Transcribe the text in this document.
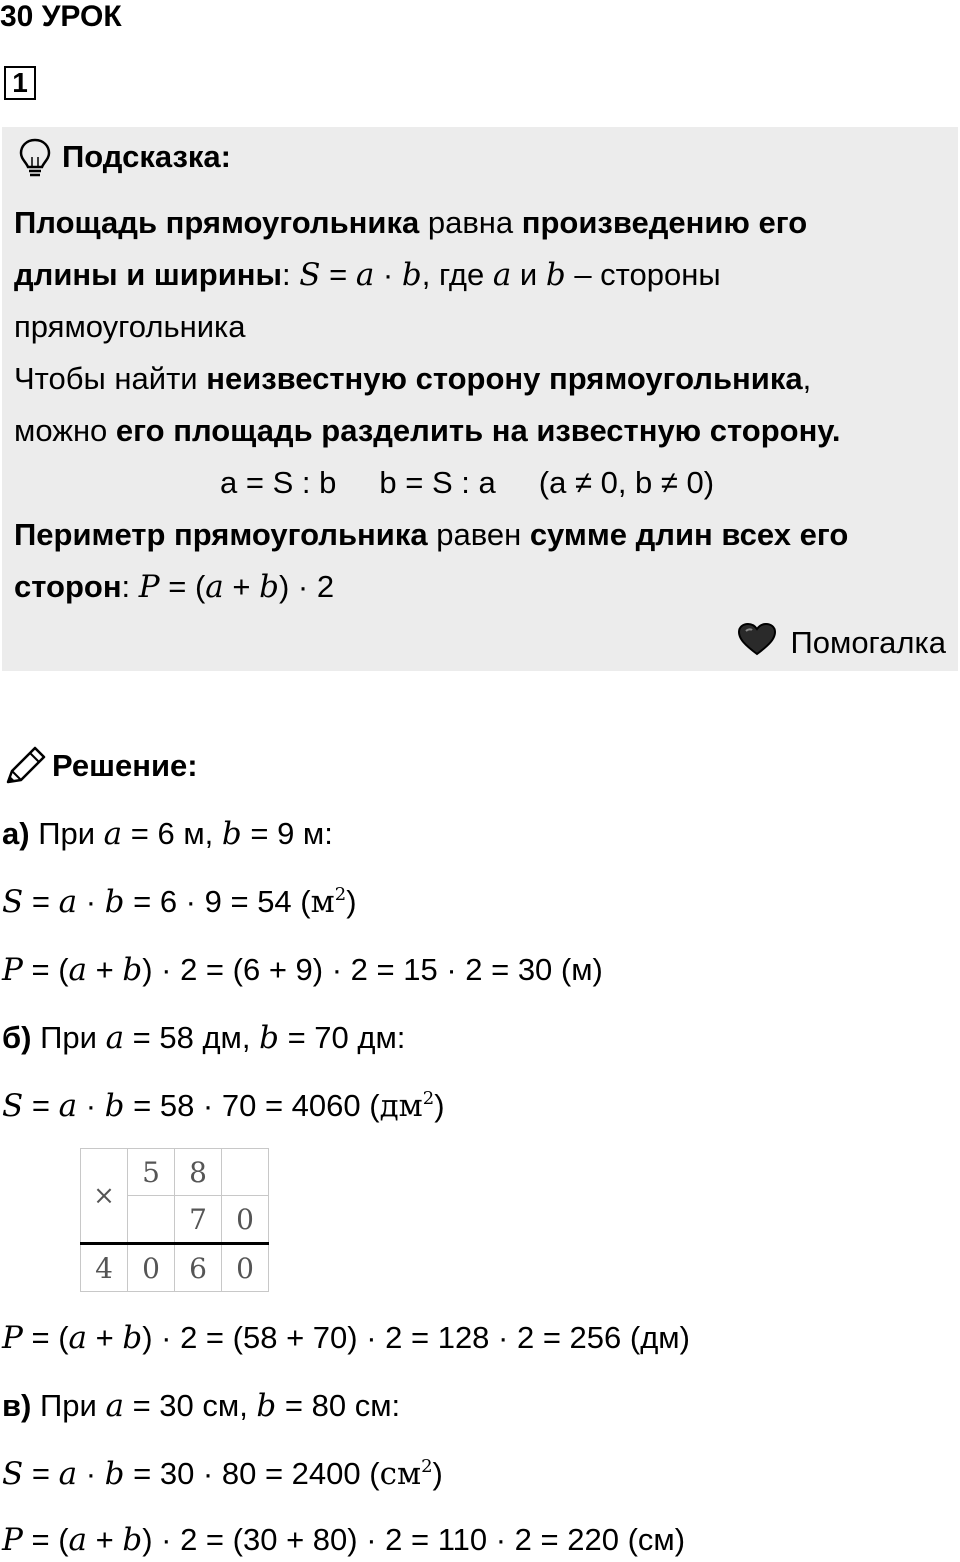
30 УРОК
1
Подсказка:
Площадь прямоугольника равна произведению его
длины и ширины: S = a · b, где a и b – стороны
прямоугольника
Чтобы найти неизвестную сторону прямоугольника,
можно его площадь разделить на известную сторону.
a = S : b     b = S : a     (a ≠ 0, b ≠ 0)
Периметр прямоугольника равен сумме длин всех его
сторон: P = (a + b) · 2
Помогалка
Решение:
а) При a = 6 м, b = 9 м:
S = a · b = 6 · 9 = 54 $(м^2)$
P = (a + b) · 2 = (6 + 9) · 2 = 15 · 2 = 30 (м)
б) При a = 58 дм, b = 70 дм:
S = a · b = 58 · 70 = 4060 $(дм^2)$
×	5	8	
		7	0
4	0	6	0
P = (a + b) · 2 = (58 + 70) · 2 = 128 · 2 = 256 (дм)
в) При a = 30 см, b = 80 см:
S = a · b = 30 · 80 = 2400 $(см^2)$
P = (a + b) · 2 = (30 + 80) · 2 = 110 · 2 = 220 (см)
